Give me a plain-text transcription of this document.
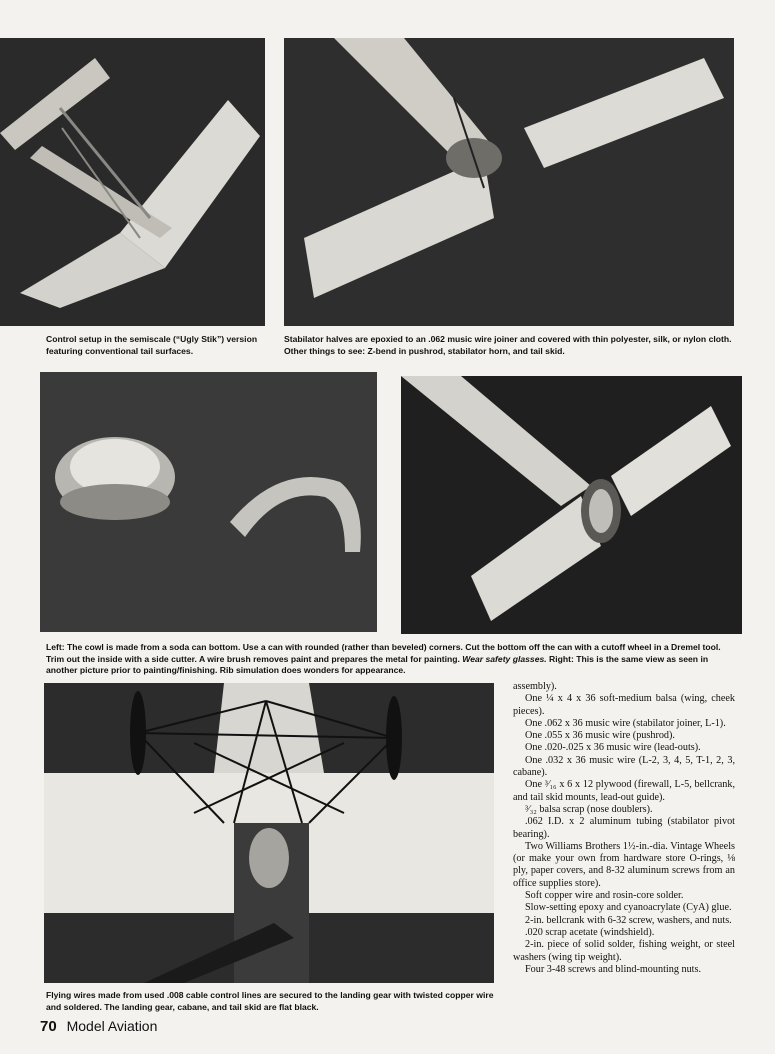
Control setup in the semiscale (“Ugly Stik”) version featuring conventional tail surfaces.

Stabilator halves are epoxied to an .062 music wire joiner and covered with thin polyester, silk, or nylon cloth. Other things to see: Z-bend in pushrod, stabilator horn, and tail skid.

Left: The cowl is made from a soda can bottom. Use a can with rounded (rather than beveled) corners. Cut the bottom off the can with a cutoff wheel in a Dremel tool. Trim out the inside with a side cutter. A wire brush removes paint and prepares the metal for painting. Wear safety glasses. Right: This is the same view as seen in another picture prior to painting/finishing. Rib simulation does wonders for appearance.

Flying wires made from used .008 cable control lines are secured to the landing gear with twisted copper wire and soldered. The landing gear, cabane, and tail skid are flat black.

assembly).

One ¼ x 4 x 36 soft-medium balsa (wing, cheek pieces).

One .062 x 36 music wire (stabilator joiner, L-1).

One .055 x 36 music wire (pushrod).

One .020-.025 x 36 music wire (lead-outs).

One .032 x 36 music wire (L-2, 3, 4, 5, T-1, 2, 3, cabane).

One ³⁄₁₆ x 6 x 12 plywood (firewall, L-5, bellcrank, and tail skid mounts, lead-out guide).

³⁄₃₂ balsa scrap (nose doublers).

.062 I.D. x 2 aluminum tubing (stabilator pivot bearing).

Two Williams Brothers 1½-in.-dia. Vintage Wheels (or make your own from hardware store O-rings, ⅛ ply, paper covers, and 8-32 aluminum screws from an office supplies store).

Soft copper wire and rosin-core solder.

Slow-setting epoxy and cyanoacrylate (CyA) glue.

2-in. bellcrank with 6-32 screw, washers, and nuts.

.020 scrap acetate (windshield).

2-in. piece of solid solder, fishing weight, or steel washers (wing tip weight).

Four 3-48 screws and blind-mounting nuts.

70 Model Aviation
